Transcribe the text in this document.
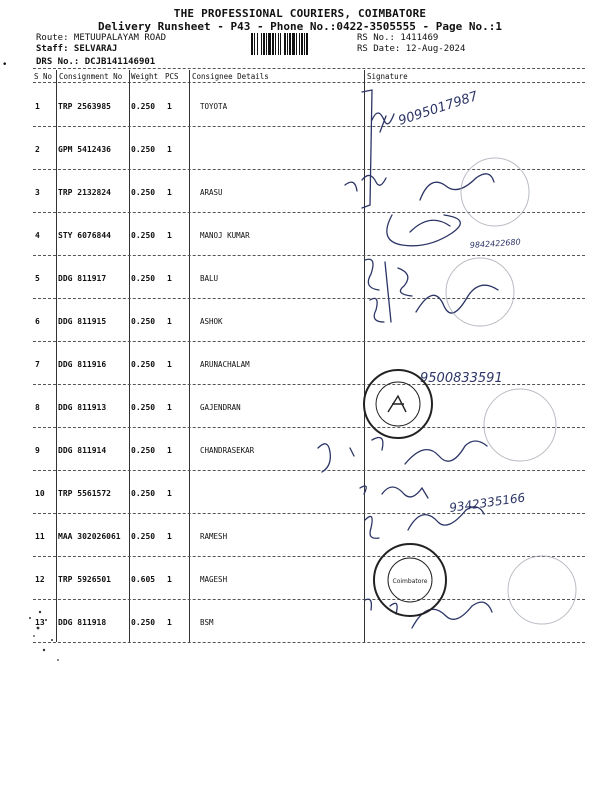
•
THE PROFESSIONAL COURIERS, COIMBATORE
Delivery Runsheet - P43 - Phone No.:0422-3505555 - Page No.:1
Route: METUUPALAYAM ROAD
Staff: SELVARAJ
DRS No.: DCJB141146901
RS No.: 1411469
RS Date: 12-Aug-2024
S No Consignment No Weight PCS Consignee Details	Signature
1 TRP 2563985	0.250 1	TOYOTA
2 GPM 5412436	0.250 1
3 TRP 2132824	0.250 1	ARASU
4 STY 6076844	0.250 1	MANOJ KUMAR
5 DDG 811917	0.250 1	BALU
6 DDG 811915	0.250 1	ASHOK
7 DDG 811916	0.250 1	ARUNACHALAM
8 DDG 811913	0.250 1	GAJENDRAN
9 DDG 811914	0.250 1	CHANDRASEKAR
10 TRP 5561572	0.250 1
11 MAA 302026061 0.250 1	RAMESH
12 TRP 5926501	0.605 1	MAGESH
13 DDG 811918	0.250 1	BSM
9095017987
9842422680
9500833591
9342335166
Coimbatore
